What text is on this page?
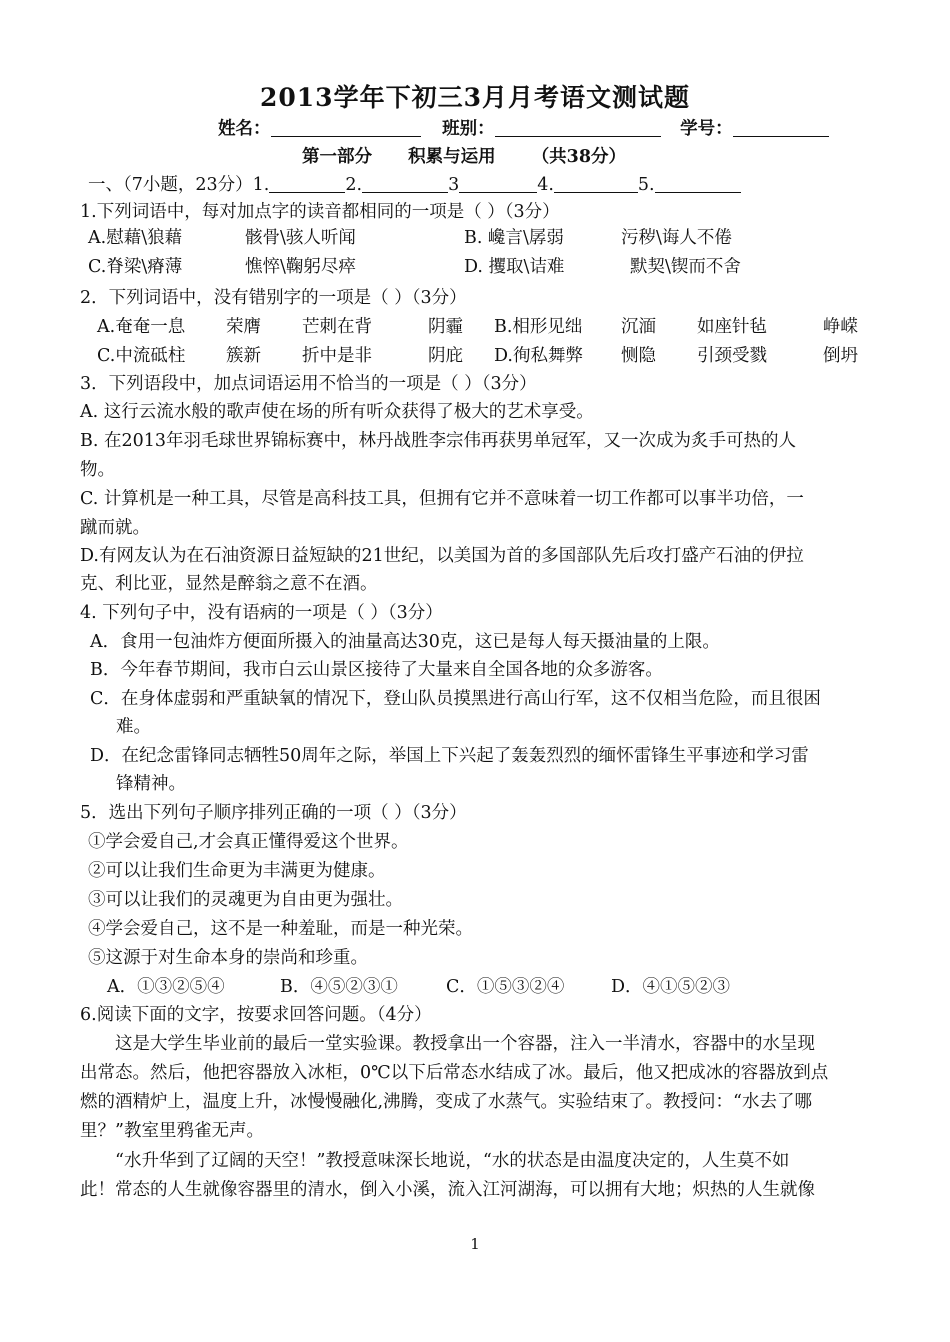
2013学年下初三3月月考语文测试题
姓名：	班别：	学号：
第一部分 积累与运用 （共38分）
一、（7小题，23分）1.	2.	3	4.	5.
1.下列词语中，每对加点字的读音都相同的一项是（ ）（3分）
A.慰藉\狼藉	骸骨\骇人听闻	B. 巉言\孱弱	污秽\诲人不倦
C.脊梁\瘠薄	憔悴\鞠躬尽瘁	D. 攫取\诘难	默契\锲而不舍
2．下列词语中，没有错别字的一项是（ ）（3分）
A.奄奄一息 荣膺 芒刺在背	阴霾 B.相形见绌 沉湎 如座针毡	峥嵘
C.中流砥柱 簇新 折中是非	阴庇 D.徇私舞弊 恻隐 引颈受戮	倒坍
3．下列语段中，加点词语运用不恰当的一项是（ ）（3分）
A. 这行云流水般的歌声使在场的所有听众获得了极大的艺术享受。
B. 在2013年羽毛球世界锦标赛中，林丹战胜李宗伟再获男单冠军，又一次成为炙手可热的人
物。
C. 计算机是一种工具，尽管是高科技工具，但拥有它并不意味着一切工作都可以事半功倍，一
蹴而就。
D.有网友认为在石油资源日益短缺的21世纪，以美国为首的多国部队先后攻打盛产石油的伊拉
克、利比亚，显然是醉翁之意不在酒。
4. 下列句子中，没有语病的一项是（ ）（3分）
A．食用一包油炸方便面所摄入的油量高达30克，这已是每人每天摄油量的上限。
B．今年春节期间，我市白云山景区接待了大量来自全国各地的众多游客。
C．在身体虚弱和严重缺氧的情况下，登山队员摸黑进行高山行军，这不仅相当危险，而且很困
难。
D．在纪念雷锋同志牺牲50周年之际，举国上下兴起了轰轰烈烈的缅怀雷锋生平事迹和学习雷
锋精神。
5．选出下列句子顺序排列正确的一项（ ）（3分）
①学会爱自己,才会真正懂得爱这个世界。
②可以让我们生命更为丰满更为健康。
③可以让我们的灵魂更为自由更为强壮。
④学会爱自己，这不是一种羞耻，而是一种光荣。
⑤这源于对生命本身的崇尚和珍重。
A．①③②⑤④	B．④⑤②③①	C．①⑤③②④	D．④①⑤②③
6.阅读下面的文字，按要求回答问题。（4分）
　　这是大学生毕业前的最后一堂实验课。教授拿出一个容器，注入一半清水，容器中的水呈现
出常态。然后，他把容器放入冰柜，0℃以下后常态水结成了冰。最后，他又把成冰的容器放到点
燃的酒精炉上，温度上升，冰慢慢融化,沸腾，变成了水蒸气。实验结束了。教授问：“水去了哪
里？”教室里鸦雀无声。
　　“水升华到了辽阔的天空！”教授意味深长地说，“水的状态是由温度决定的，人生莫不如
此！常态的人生就像容器里的清水，倒入小溪，流入江河湖海，可以拥有大地；炽热的人生就像
1
